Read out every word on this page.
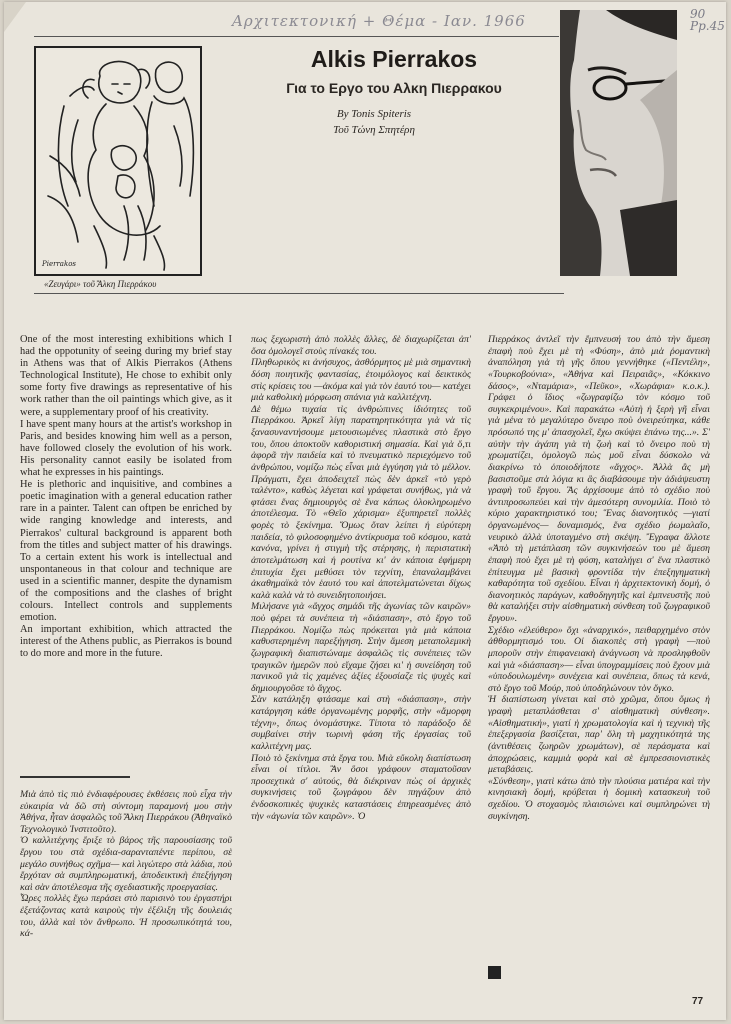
Αρχιτεκτονική + Θέμα - Ιαν. 1966	90 Pp.45
Pierrakos
«Ζευγάρι» τοῦ Ἄλκη Πιερράκου
Alkis Pierrakos
Για το Εργο του Αλκη Πιερρακου
By Tonis Spiteris
Τοῦ Τώνη Σπητέρη

One of the most interesting exhibitions which I had the oppotunity of seeing during my brief stay in Athens was that of Alkis Pierrakos (Athens Technological Institute), He chose to exhibit only some forty five drawings as representative of his work rather than the oil paintings which give, as it were, a supplementary proof of his creativity.

I have spent many hours at the artist's workshop in Paris, and besides knowing him well as a person, have followed closely the evolution of his work. His personality cannot easily be isolated from what he expresses in his paintings.

He is plethoric and inquisitive, and combines a poetic imagination with a general education rather rare in a painter. Talent can oftpen be enriched by wide ranging knowledge and interests, and Pierrakos' cultural background is apparent both from the titles and subject matter of his drawings. To a certain extent his work is intellectual and unspontaneous in that colour and technique are used in a scientific manner, despite the dynamism of the compositions and the clashes of bright colours. Intellect controls and supplements emotion.

An important exhibition, which attracted the interest of the Athens public, as Pierrakos is bound to do more and more in the future.

Μιὰ ἀπὸ τὶς πιὸ ἐνδιαφέρουσες ἐκθέσεις ποὺ εἶχα τὴν εὐκαιρία νὰ δῶ στὴ σύντομη παραμονή μου στὴν Ἀθήνα, ἦταν ἀσφαλῶς τοῦ Ἄλκη Πιερράκου (Ἀθηναϊκὸ Τεχνολογικὸ Ἰνστιτοῦτο).

Ὁ καλλιτέχνης ἔριξε τὸ βάρος τῆς παρουσίασης τοῦ ἔργου του στὰ σχέδια-σαρανταπέντε περίπου, σὲ μεγάλο συνήθως σχῆμα— καὶ λιγώτερο στὰ λάδια, ποὺ ἔρχόταν σὰ συμπληρωματική, ἀποδεικτικὴ ἐπεξήγηση καὶ σὰν ἀποτέλεσμα τῆς σχεδιαστικῆς προεργασίας.

Ὧρες πολλὲς ἔχω περάσει στὸ παρισινὸ του ἐργαστήρι ἐξετάζοντας κατὰ καιροὺς τὴν ἐξέλιξη τῆς δουλειάς του, ἀλλὰ καὶ τὸν ἄνθρωπο. Ἡ προσωπικότητά του, κά-

πως ξεχωριστὴ ἀπὸ πολλὲς ἄλλες, δὲ διαχωρίζεται ἀπ' ὅσα ὁμολογεῖ στοὺς πίνακές του.

Πληθωρικὸς κι ἀνήσυχος, ἀσθόρμητος μὲ μιὰ σημαντικὴ δόση ποιητικῆς φαντασίας, ἑτοιμόλογος καὶ δεικτικὸς στὶς κρίσεις του —ἀκόμα καὶ γιὰ τὸν ἑαυτό του— κατέχει μιὰ καθολικὴ μόρφωση σπάνια γιὰ καλλιτέχνη.

Δὲ θέμω τυχαία τὶς ἀνθρώπινες ἰδιότητες τοῦ Πιερράκου. Ἀρκεῖ λίγη παρατηρητικότητα γιὰ νὰ τὶς ξανασυναντήσουμε μετουσιωμένες πλαστικὰ στὸ ἔργο του, ὅπου ἀποκτοῦν καθοριστική σημασία. Καὶ γιὰ ὅ,τι ἀφορᾶ τὴν παιδεία καὶ τὸ πνευματικὸ περιεχόμενο τοῦ ἀνθρώπου, νομίζω πὼς εἶναι μιὰ ἐγγύηση γιὰ τὸ μέλλον. Πράγματι, ἔχει ἀποδειχτεῖ πὼς δὲν ἀρκεῖ «τὸ γερὸ ταλέντο», καθὼς λέγεται καὶ γράφεται συνήθως, γιὰ νὰ φτάσει ἕνας δημιουργὸς σὲ ἕνα κάπως ὁλοκληρωμένο ἀποτέλεσμα. Τὸ «Θεῖο χάρισμα» ἐξυπηρετεῖ πολλὲς φορὲς τὸ ξεκίνημα. Ὅμως ὅταν λείπει ἡ εὐρύτερη παιδεία, τὸ φιλοσοφημένο ἀντίκρυσμα τοῦ κόσμου, κατὰ κανόνα, γρίνει ἡ στιγμὴ τῆς στέρησης, ἡ περιστατικὴ ἀποτελμάτωση καὶ ἡ ρουτίνα κι' ἀν κάποια ἐφήμερη ἐπιτυχία ἔχει μεθύσει τὸν τεχνίτη, ἐπαναλαμβάνει ἀκαθημαϊκὰ τὸν ἑαυτό του καὶ ἀποτελματώνεται δίχως καλὰ καλὰ νὰ τὸ συνειδητοποιήσει.

Μιλήσανε γιὰ «ἄγχος σημάδι τῆς ἀγωνίας τῶν καιρῶν» ποὺ φέρει τὰ συνέπεια τὴ «διάσπαση», στὸ ἔργο τοῦ Πιερράκου. Νομίζω πὼς πρόκειται γιὰ μιὰ κάποια καθυστερημένη παρεξήγηση. Στὴν ἄμεση μεταπολεμικὴ ζωγραφικὴ διαπιστώναμε ἀσφαλῶς τὶς συνέπειες τῶν τραγικῶν ἡμερῶν ποὺ εἴχαμε ζήσει κι' ἡ συνείδηση τοῦ πανικοῦ γιὰ τὶς χαμένες ἀξίες ἐξουσίαζε τὶς ψυχὲς καὶ δημιουργοῦσε τὸ ἄγχος.

Σὰν κατάληξη φτάσαμε καὶ στὴ «διάσπαση», στὴν κατάργηση κάθε ὀργανωμένης μορφῆς, στὴν «ἄμορφη τέχνη», ὅπως ὀνομάστηκε. Τίποτα τὸ παράδοξο δὲ συμβαίνει στὴν τωρινὴ φάση τῆς ἐργασίας τοῦ καλλιτέχνη μας.

Ποιὸ τὸ ξεκίνημα στὰ ἔργα του. Μιὰ εὔκολη διαπίστωση εἶναι οἱ τίτλοι. Ἂν ὅσοι γράφουν σταματοῦσαν προσεχτικὰ σ' αὐτούς, θὰ διέκριναν πὼς οἱ ἀρχικὲς συγκινήσεις τοῦ ζωγράφου δὲν πηγάζουν ἀπὸ ἐνδοσκοπικὲς ψυχικὲς καταστάσεις ἐπηρεασμένες ἀπὸ τὴν «ἀγωνία τῶν καιρῶν». Ὁ

Πιερράκος ἀντλεῖ τὴν ἔμπνευσή του ἀπὸ τὴν ἄμεση ἐπαφὴ ποὺ ἔχει μὲ τὴ «Φύση», ἀπὸ μιὰ ῥομαντικὴ ἀναπόληση γιὰ τὴ γῆς ὅπου γεννήθηκε («Πεντέλη», «Τουρκοβούνια», «Ἀθήνα καὶ Πειραιᾶς», «Κόκκινο δάσος», «Νταμάρια», «Πεῦκο», «Χωράφια» κ.ο.κ.). Γράφει ὁ ἴδιος «ζωγραφίζω τὸν κόσμο τοῦ συγκεκριμένου». Καὶ παρακάτω «Αὐτὴ ἡ ξερὴ γῆ εἶναι γιὰ μένα τὸ μεγαλύτερο ὄνειρο ποὺ ὀνειρεύτηκα, κάθε πρόσωπό της μ' ἀπασχολεῖ, ἔχω σκύψει ἐπάνω της...». Σ' αὐτὴν τὴν ἀγάπη γιὰ τὴ ζωὴ καὶ τὸ ὄνειρο ποὺ τὴ χρωματίζει, ὁμολογῶ πὼς μοῦ εἶναι δύσκολο νὰ διακρίνω τὸ ὁποιοδήποτε «ἄγχος». Ἀλλὰ ἂς μὴ βασιστοῦμε στὰ λόγια κι ἂς διαβάσουμε τὴν ἀδιάψευστη γραφὴ τοῦ ἔργου. Ἂς ἀρχίσουμε ἀπὸ τὸ σχέδιο ποὺ ἀντιπροσωπεύει καὶ τὴν ἀμεσότερη συνομιλία. Ποιὸ τὸ κύριο χαρακτηριστικό του; Ἕνας διανοητικὸς —γιατί ὀργανωμένος— δυναμισμός, ἕνα σχέδιο ῥωμαλαῖο, νευρικὸ ἀλλὰ ὑποταγμένο στὴ σκέψη. Ἔγραφα ἄλλοτε «Ἀπὸ τὴ μετάπλαση τῶν συγκινήσεών του μὲ ἄμεση ἐπαφὴ ποὺ ἔχει μὲ τὴ φύση, καταλήγει σ' ἕνα πλαστικὸ ἐπίτευγμα μὲ βασικὴ φροντίδα τὴν ἐπεξηγηματικὴ καθαρότητα τοῦ σχεδίου. Εἶναι ἡ ἀρχιτεκτονικὴ δομή, ὁ διανοητικὸς παράγων, καθοδηγητῆς καὶ ἐμπνευστῆς ποὺ θὰ καταλήξει στὴν αἰσθηματικὴ σύνθεση τοῦ ζωγραφικοῦ ἔργου».

Σχέδιο «ἐλεύθερο» ὄχι «ἀναρχικό», πειθαρχημένο στὸν ἀθθορμητισμό του. Οἱ διακοπὲς στὴ γραφὴ —ποὺ μποροῦν στὴν ἐπιφανειακὴ ἀνάγνωση νὰ προσληφθοῦν καὶ γιὰ «διάσπαση»— εἶναι ὑπογραμμίσεις ποὺ ἔχουν μιὰ «ὑποδουλωμένη» συνέχεια καὶ συνέπεια, ὅπως τὰ κενά, στὸ ἔργο τοῦ Μούρ, ποὺ ὑποδηλώνουν τὸν ὄγκο.

Ἡ διαπίστωση γίνεται καὶ στὸ χρῶμα, ὅπου ὅμως ἡ γραφὴ μεταπλάσθεται σ' αἰσθηματικὴ σύνθεση». «Αἰσθηματική», γιατί ἡ χρωματολογία καὶ ἡ τεχνικὴ τῆς ἐπεξεργασία βασίζεται, παρ' ὅλη τὴ μαχητικότητά της (ἀντιθέσεις ζωηρῶν χρωμάτων), σὲ περάσματα καὶ ἀποχρώσεις, καμμιὰ φορὰ καὶ σὲ ἐμπρεσσιονιστικὲς μεταβάσεις.

«Σύνθεση», γιατὶ κάτω ἀπὸ τὴν πλούσια ματιέρα καὶ τὴν κινησιακὴ δομή, κρύβεται ἡ δομικὴ κατασκευὴ τοῦ σχεδίου. Ὁ στοχασμὸς πλαισιώνει καὶ συμπληρώνει τὴ συγκίνηση.

77
